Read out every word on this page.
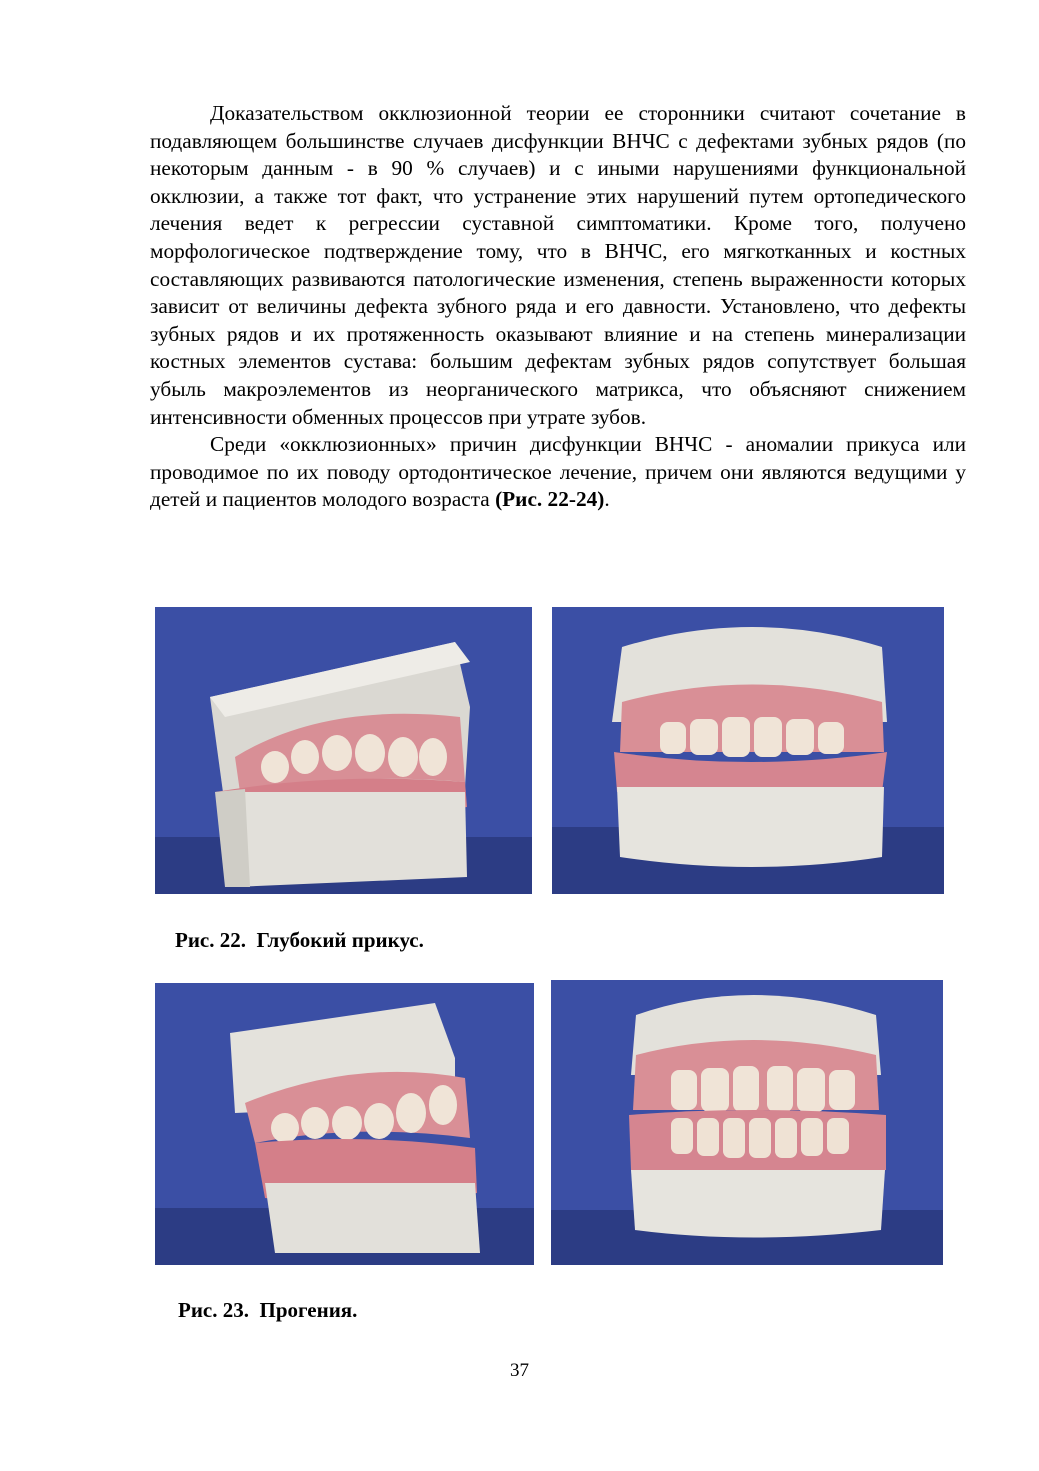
Доказательством окклюзионной теории ее сторонники считают сочетание в подавляющем большинстве случаев дисфункции ВНЧС с дефектами зубных рядов (по некоторым данным - в 90 % случаев) и с иными нарушениями функциональной окклюзии, а также тот факт, что устранение этих нарушений путем ортопедического лечения ведет к регрессии суставной симптоматики. Кроме того, получено морфологическое подтверждение тому, что в ВНЧС, его мягкотканных и костных составляющих развиваются патологические изменения, степень выраженности которых зависит от величины дефекта зубного ряда и его давности. Установлено, что дефекты зубных рядов и их протяженность оказывают влияние и на степень минерализации костных элементов сустава: большим дефектам зубных рядов сопутствует большая убыль макроэлементов из неорганического матрикса, что объясняют снижением интенсивности обменных процессов при утрате зубов.

Среди «окклюзионных» причин дисфункции ВНЧС - аномалии прикуса или проводимое по их поводу ортодонтическое лечение, причем они являются ведущими у детей и пациентов молодого возраста (Рис. 22-24).

Рис. 22.  Глубокий прикус.
Рис. 23.  Прогения.
37
